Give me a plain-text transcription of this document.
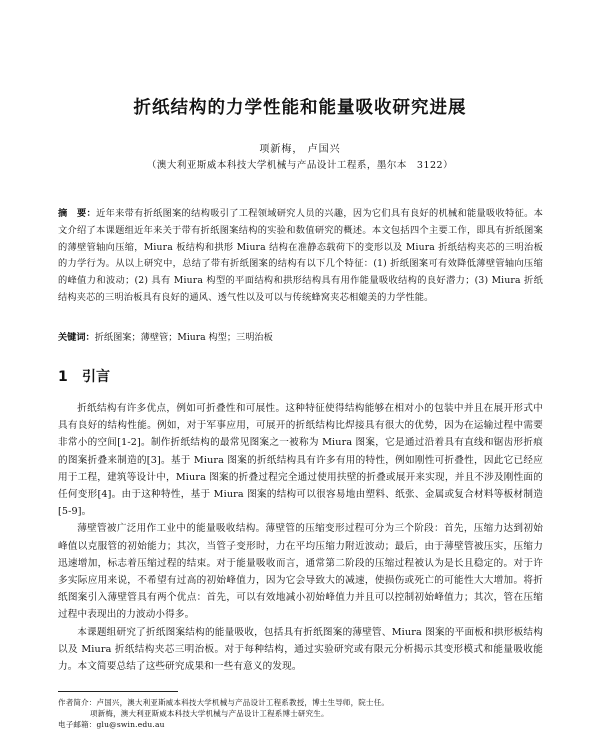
折纸结构的力学性能和能量吸收研究进展
项新梅， 卢国兴
（澳大利亚斯威本科技大学机械与产品设计工程系，墨尔本　3122）
摘　要：近年来带有折纸图案的结构吸引了工程领域研究人员的兴趣，因为它们具有良好的机械和能量吸收特征。本文介绍了本课题组近年来关于带有折纸图案结构的实验和数值研究的概述。本文包括四个主要工作，即具有折纸图案的薄壁管轴向压缩，Miura 板结构和拱形 Miura 结构在准静态载荷下的变形以及 Miura 折纸结构夹芯的三明治板的力学行为。从以上研究中，总结了带有折纸图案的结构有以下几个特征：(1) 折纸图案可有效降低薄壁管轴向压缩的峰值力和波动；(2) 具有 Miura 构型的平面结构和拱形结构具有用作能量吸收结构的良好潜力；(3) Miura 折纸结构夹芯的三明治板具有良好的通风、透气性以及可以与传统蜂窝夹芯相媲美的力学性能。
关键词：折纸图案；薄壁管；Miura 构型；三明治板
1 引言

折纸结构有许多优点，例如可折叠性和可展性。这种特征使得结构能够在相对小的包装中并且在展开形式中具有良好的结构性能。例如，对于军事应用，可展开的折纸结构比焊接具有很大的优势，因为在运输过程中需要非常小的空间[1-2]。制作折纸结构的最常见图案之一被称为 Miura 图案，它是通过沿着具有直线和锯齿形折痕的图案折叠来制造的[3]。基于 Miura 图案的折纸结构具有许多有用的特性，例如刚性可折叠性，因此它已经应用于工程，建筑等设计中，Miura 图案的折叠过程完全通过使用扶壁的折叠或展开来实现，并且不涉及刚性面的任何变形[4]。由于这种特性，基于 Miura 图案的结构可以很容易地由塑料、纸张、金属或复合材料等板材制造[5-9]。

薄壁管被广泛用作工业中的能量吸收结构。薄壁管的压缩变形过程可分为三个阶段：首先，压缩力达到初始峰值以克服管的初始能力；其次，当管子变形时，力在平均压缩力附近波动；最后，由于薄壁管被压实，压缩力迅速增加，标志着压缩过程的结束。对于能量吸收而言，通常第二阶段的压缩过程被认为是长且稳定的。对于许多实际应用来说，不希望有过高的初始峰值力，因为它会导致大的减速，使损伤或死亡的可能性大大增加。将折纸图案引入薄壁管具有两个优点：首先，可以有效地减小初始峰值力并且可以控制初始峰值力；其次，管在压缩过程中表现出的力波动小得多。

本课题组研究了折纸图案结构的能量吸收，包括具有折纸图案的薄壁管、Miura 图案的平面板和拱形板结构以及 Miura 折纸结构夹芯三明治板。对于每种结构，通过实验研究或有限元分析揭示其变形模式和能量吸收能力。本文简要总结了这些研究成果和一些有意义的发现。

作者简介：卢国兴，澳大利亚斯威本科技大学机械与产品设计工程系教授，博士生导师，院士任。
项新梅，澳大利亚斯威本科技大学机械与产品设计工程系博士研究生。
电子邮箱：glu@swin.edu.au
